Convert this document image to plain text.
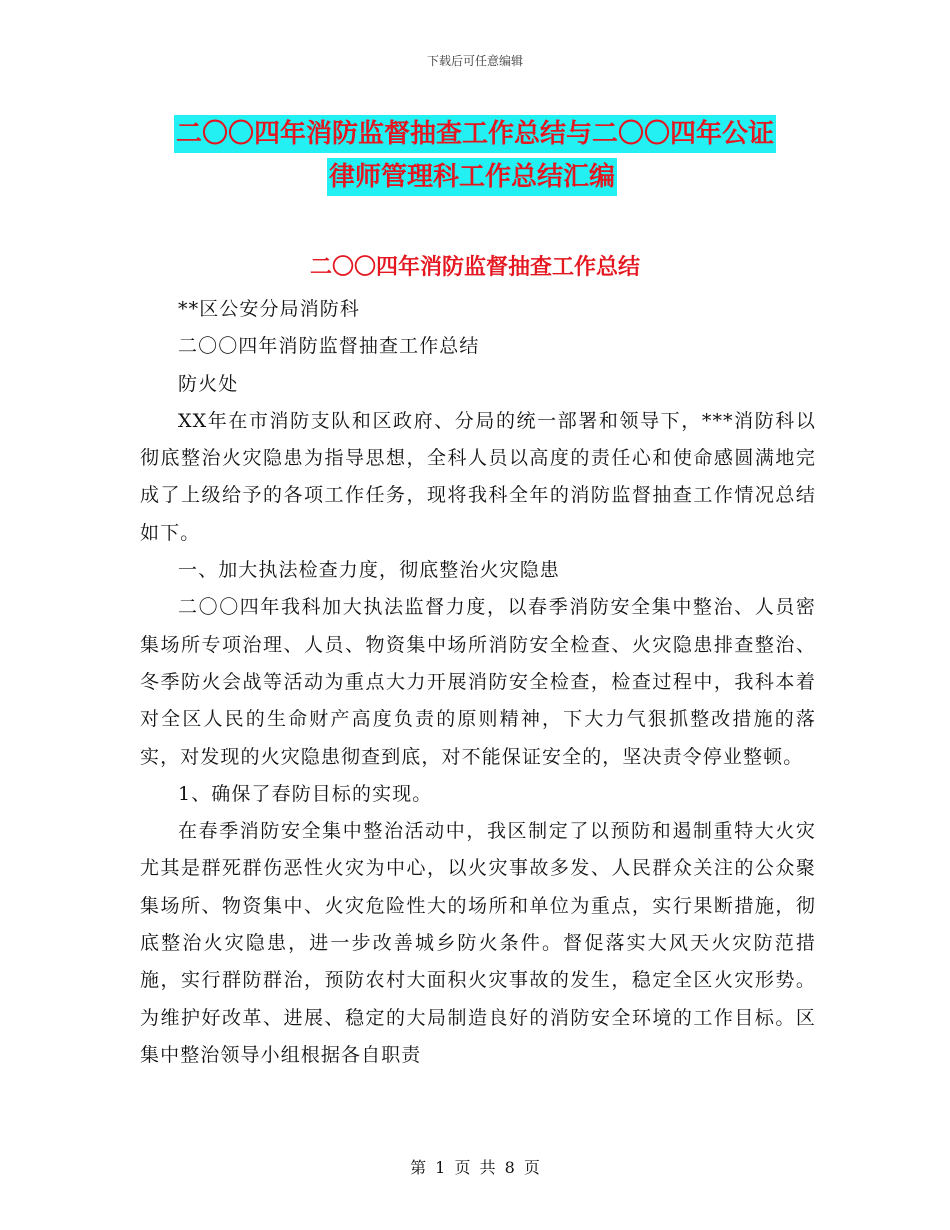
下载后可任意编辑
二〇〇四年消防监督抽查工作总结与二〇〇四年公证
律师管理科工作总结汇编
二〇〇四年消防监督抽查工作总结

**区公安分局消防科

二〇〇四年消防监督抽查工作总结

防火处

XX年在市消防支队和区政府、分局的统一部署和领导下，***消防科以彻底整治火灾隐患为指导思想，全科人员以高度的责任心和使命感圆满地完成了上级给予的各项工作任务，现将我科全年的消防监督抽查工作情况总结如下。

一、加大执法检查力度，彻底整治火灾隐患

二〇〇四年我科加大执法监督力度，以春季消防安全集中整治、人员密集场所专项治理、人员、物资集中场所消防安全检查、火灾隐患排查整治、冬季防火会战等活动为重点大力开展消防安全检查，检查过程中，我科本着对全区人民的生命财产高度负责的原则精神，下大力气狠抓整改措施的落实，对发现的火灾隐患彻查到底，对不能保证安全的，坚决责令停业整顿。

1、确保了春防目标的实现。

在春季消防安全集中整治活动中，我区制定了以预防和遏制重特大火灾尤其是群死群伤恶性火灾为中心，以火灾事故多发、人民群众关注的公众聚集场所、物资集中、火灾危险性大的场所和单位为重点，实行果断措施，彻底整治火灾隐患，进一步改善城乡防火条件。督促落实大风天火灾防范措施，实行群防群治，预防农村大面积火灾事故的发生，稳定全区火灾形势。为维护好改革、进展、稳定的大局制造良好的消防安全环境的工作目标。区集中整治领导小组根据各自职责

第 1 页 共 8 页
